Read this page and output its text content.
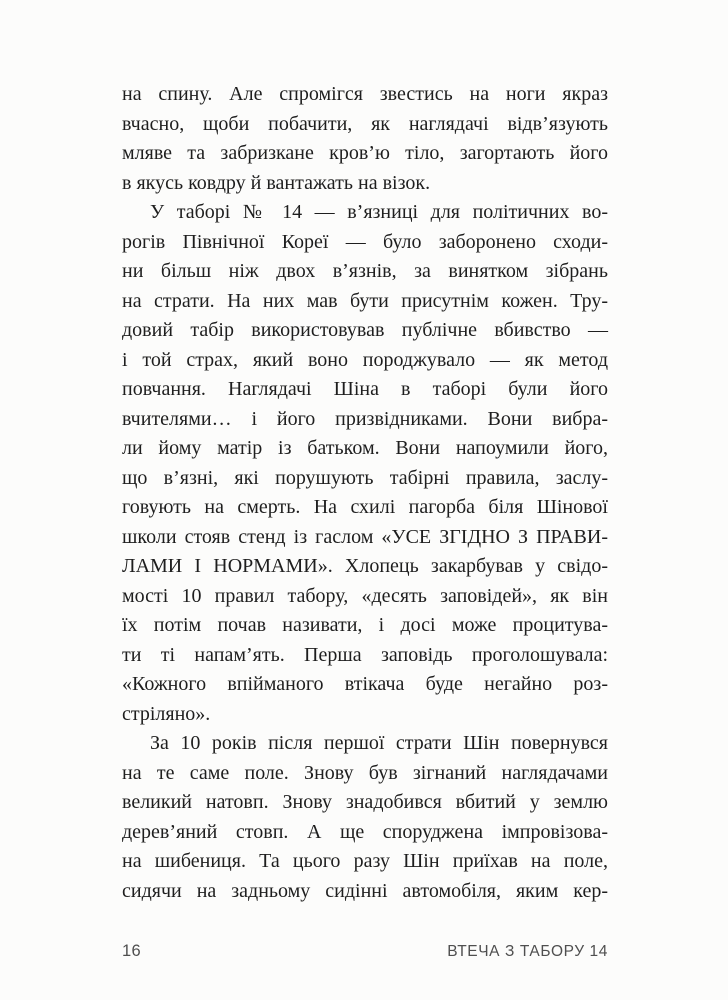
на спину. Але спромігся звестись на ноги якраз
вчасно, щоби побачити, як наглядачі відв’язують
мляве та забризкане кров’ю тіло, загортають його
в якусь ковдру й вантажать на візок.
У таборі № 14 — в’язниці для політичних во-
рогів Північної Кореї — було заборонено сходи-
ни більш ніж двох в’язнів, за винятком зібрань
на страти. На них мав бути присутнім кожен. Тру-
довий табір використовував публічне вбивство —
і той страх, який воно породжувало — як метод
повчання. Наглядачі Шіна в таборі були його
вчителями… і його призвідниками. Вони вибра-
ли йому матір із батьком. Вони напоумили його,
що в’язні, які порушують табірні правила, заслу-
говують на смерть. На схилі пагорба біля Шінової
школи стояв стенд із гаслом «УСЕ ЗГІДНО З ПРАВИ-
ЛАМИ І НОРМАМИ». Хлопець закарбував у свідо-
мості 10 правил табору, «десять заповідей», як він
їх потім почав називати, і досі може процитува-
ти ті напам’ять. Перша заповідь проголошувала:
«Кожного впійманого втікача буде негайно роз-
стріляно».
За 10 років після першої страти Шін повернувся
на те саме поле. Знову був зігнаний наглядачами
великий натовп. Знову знадобився вбитий у землю
дерев’яний стовп. А ще споруджена імпровізова-
на шибениця. Та цього разу Шін приїхав на поле,
сидячи на задньому сидінні автомобіля, яким кер-
16	ВТЕЧА З ТАБОРУ 14
